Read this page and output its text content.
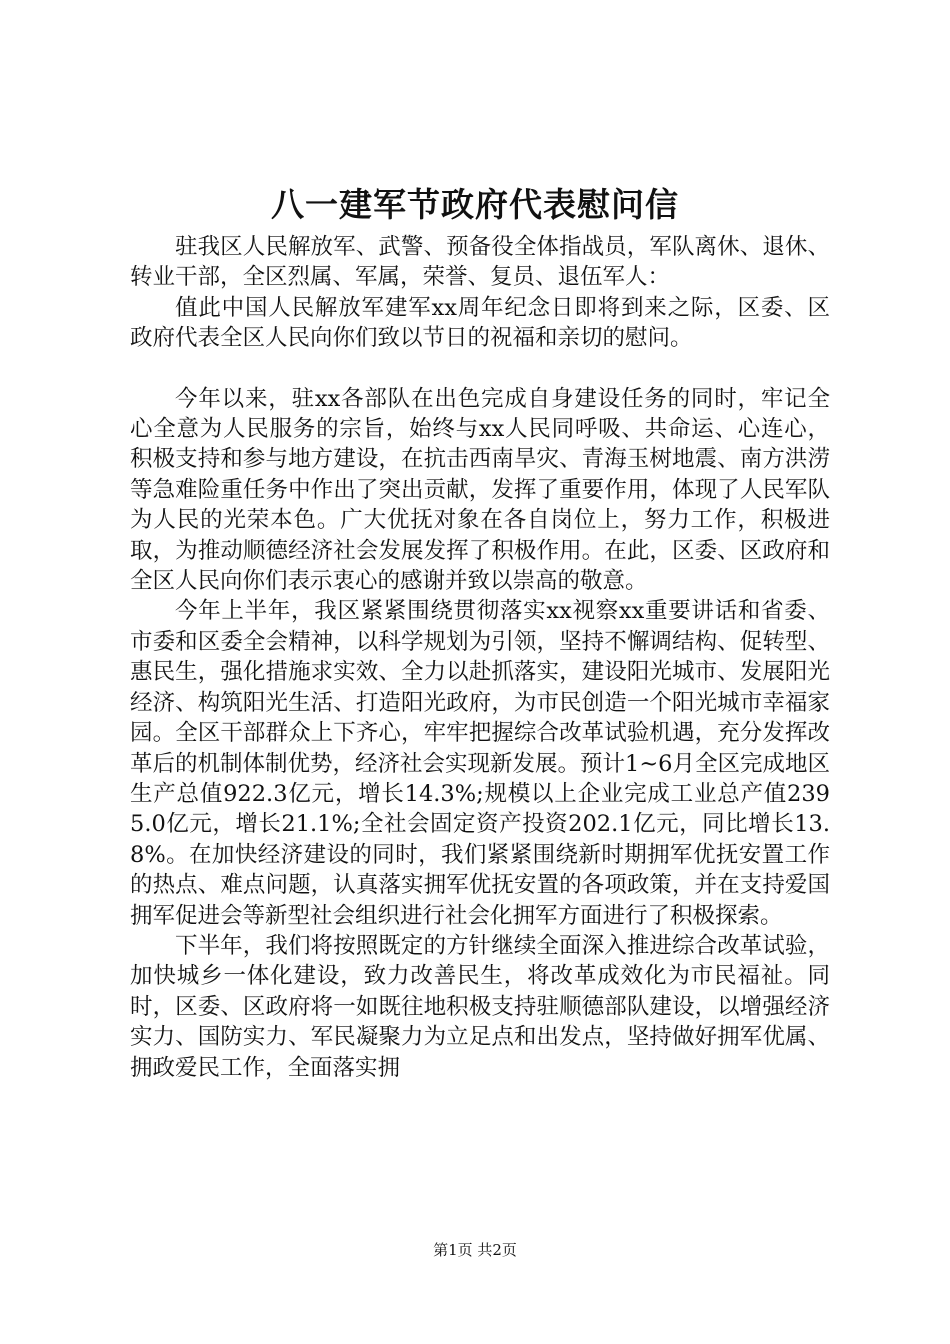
八一建军节政府代表慰问信

驻我区人民解放军、武警、预备役全体指战员，军队离休、退休、转业干部，全区烈属、军属，荣誉、复员、退伍军人：

值此中国人民解放军建军xx周年纪念日即将到来之际，区委、区政府代表全区人民向你们致以节日的祝福和亲切的慰问。

今年以来，驻xx各部队在出色完成自身建设任务的同时，牢记全心全意为人民服务的宗旨，始终与xx人民同呼吸、共命运、心连心，积极支持和参与地方建设，在抗击西南旱灾、青海玉树地震、南方洪涝等急难险重任务中作出了突出贡献，发挥了重要作用，体现了人民军队为人民的光荣本色。广大优抚对象在各自岗位上，努力工作，积极进取，为推动顺德经济社会发展发挥了积极作用。在此，区委、区政府和全区人民向你们表示衷心的感谢并致以崇高的敬意。

今年上半年，我区紧紧围绕贯彻落实xx视察xx重要讲话和省委、市委和区委全会精神，以科学规划为引领，坚持不懈调结构、促转型、惠民生，强化措施求实效、全力以赴抓落实，建设阳光城市、发展阳光经济、构筑阳光生活、打造阳光政府，为市民创造一个阳光城市幸福家园。全区干部群众上下齐心，牢牢把握综合改革试验机遇，充分发挥改革后的机制体制优势，经济社会实现新发展。预计1~6月全区完成地区生产总值922.3亿元，增长14.3%;规模以上企业完成工业总产值2395.0亿元，增长21.1%;全社会固定资产投资202.1亿元，同比增长13.8%。在加快经济建设的同时，我们紧紧围绕新时期拥军优抚安置工作的热点、难点问题，认真落实拥军优抚安置的各项政策，并在支持爱国拥军促进会等新型社会组织进行社会化拥军方面进行了积极探索。

下半年，我们将按照既定的方针继续全面深入推进综合改革试验，加快城乡一体化建设，致力改善民生，将改革成效化为市民福祉。同时，区委、区政府将一如既往地积极支持驻顺德部队建设，以增强经济实力、国防实力、军民凝聚力为立足点和出发点，坚持做好拥军优属、拥政爱民工作，全面落实拥

第1页 共2页
